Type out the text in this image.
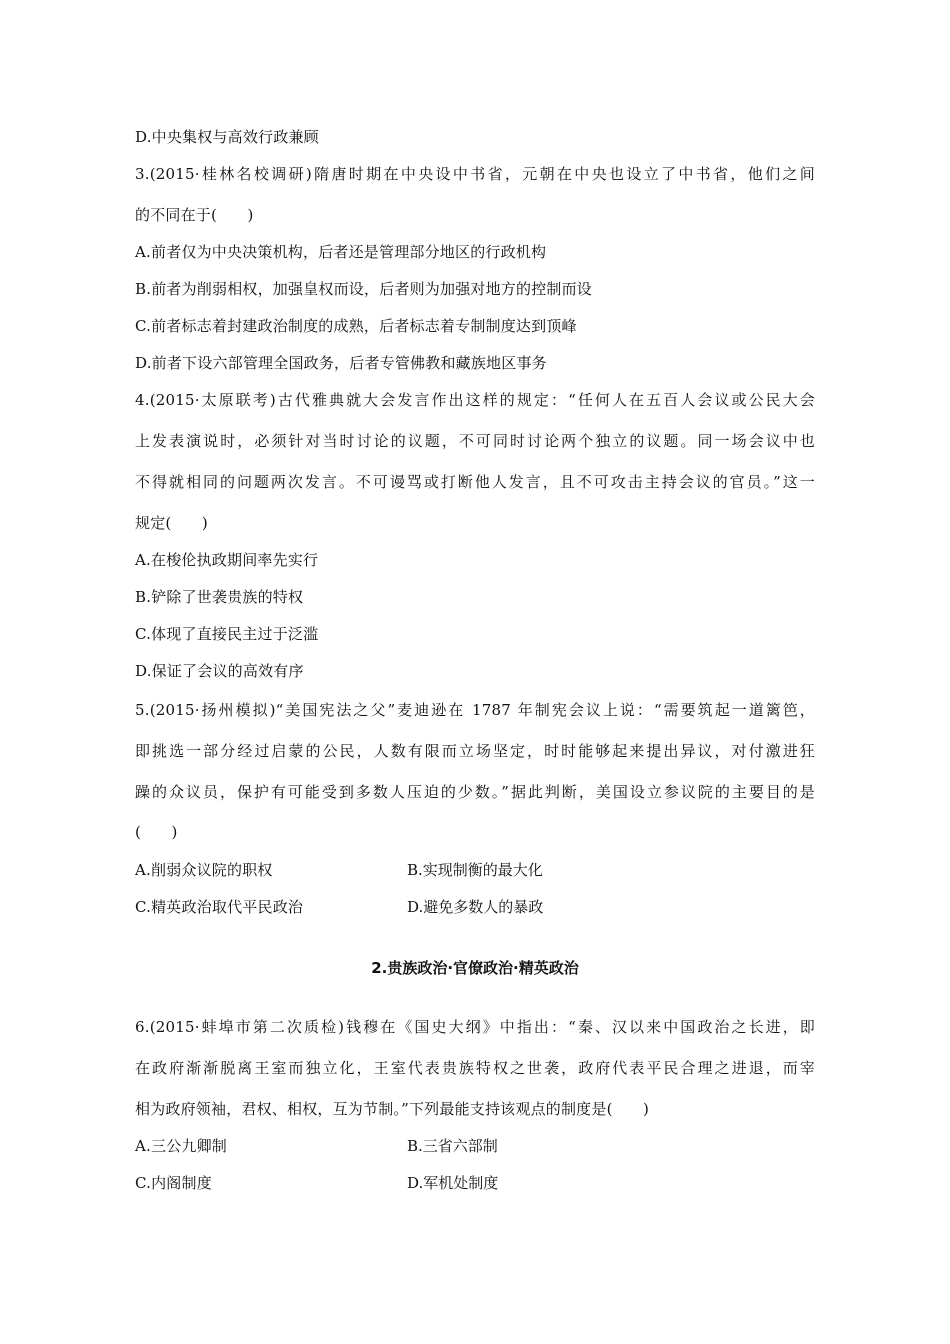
D.中央集权与高效行政兼顾
3.(2015·桂林名校调研)隋唐时期在中央设中书省，元朝在中央也设立了中书省，他们之间
的不同在于(　　)
A.前者仅为中央决策机构，后者还是管理部分地区的行政机构
B.前者为削弱相权，加强皇权而设，后者则为加强对地方的控制而设
C.前者标志着封建政治制度的成熟，后者标志着专制制度达到顶峰
D.前者下设六部管理全国政务，后者专管佛教和藏族地区事务
4.(2015·太原联考)古代雅典就大会发言作出这样的规定：“任何人在五百人会议或公民大会
上发表演说时，必须针对当时讨论的议题，不可同时讨论两个独立的议题。同一场会议中也
不得就相同的问题两次发言。不可谩骂或打断他人发言，且不可攻击主持会议的官员。”这一
规定(　　)
A.在梭伦执政期间率先实行
B.铲除了世袭贵族的特权
C.体现了直接民主过于泛滥
D.保证了会议的高效有序
5.(2015·扬州模拟)“美国宪法之父”麦迪逊在 1787 年制宪会议上说：“需要筑起一道篱笆，
即挑选一部分经过启蒙的公民，人数有限而立场坚定，时时能够起来提出异议，对付激进狂
躁的众议员，保护有可能受到多数人压迫的少数。”据此判断，美国设立参议院的主要目的是
(　　)
A.削弱众议院的职权	B.实现制衡的最大化
C.精英政治取代平民政治	D.避免多数人的暴政
2.贵族政治·官僚政治·精英政治
6.(2015·蚌埠市第二次质检)钱穆在《国史大纲》中指出：“秦、汉以来中国政治之长进，即
在政府渐渐脱离王室而独立化，王室代表贵族特权之世袭，政府代表平民合理之进退，而宰
相为政府领袖，君权、相权，互为节制。”下列最能支持该观点的制度是(　　)
A.三公九卿制	B.三省六部制
C.内阁制度	D.军机处制度
